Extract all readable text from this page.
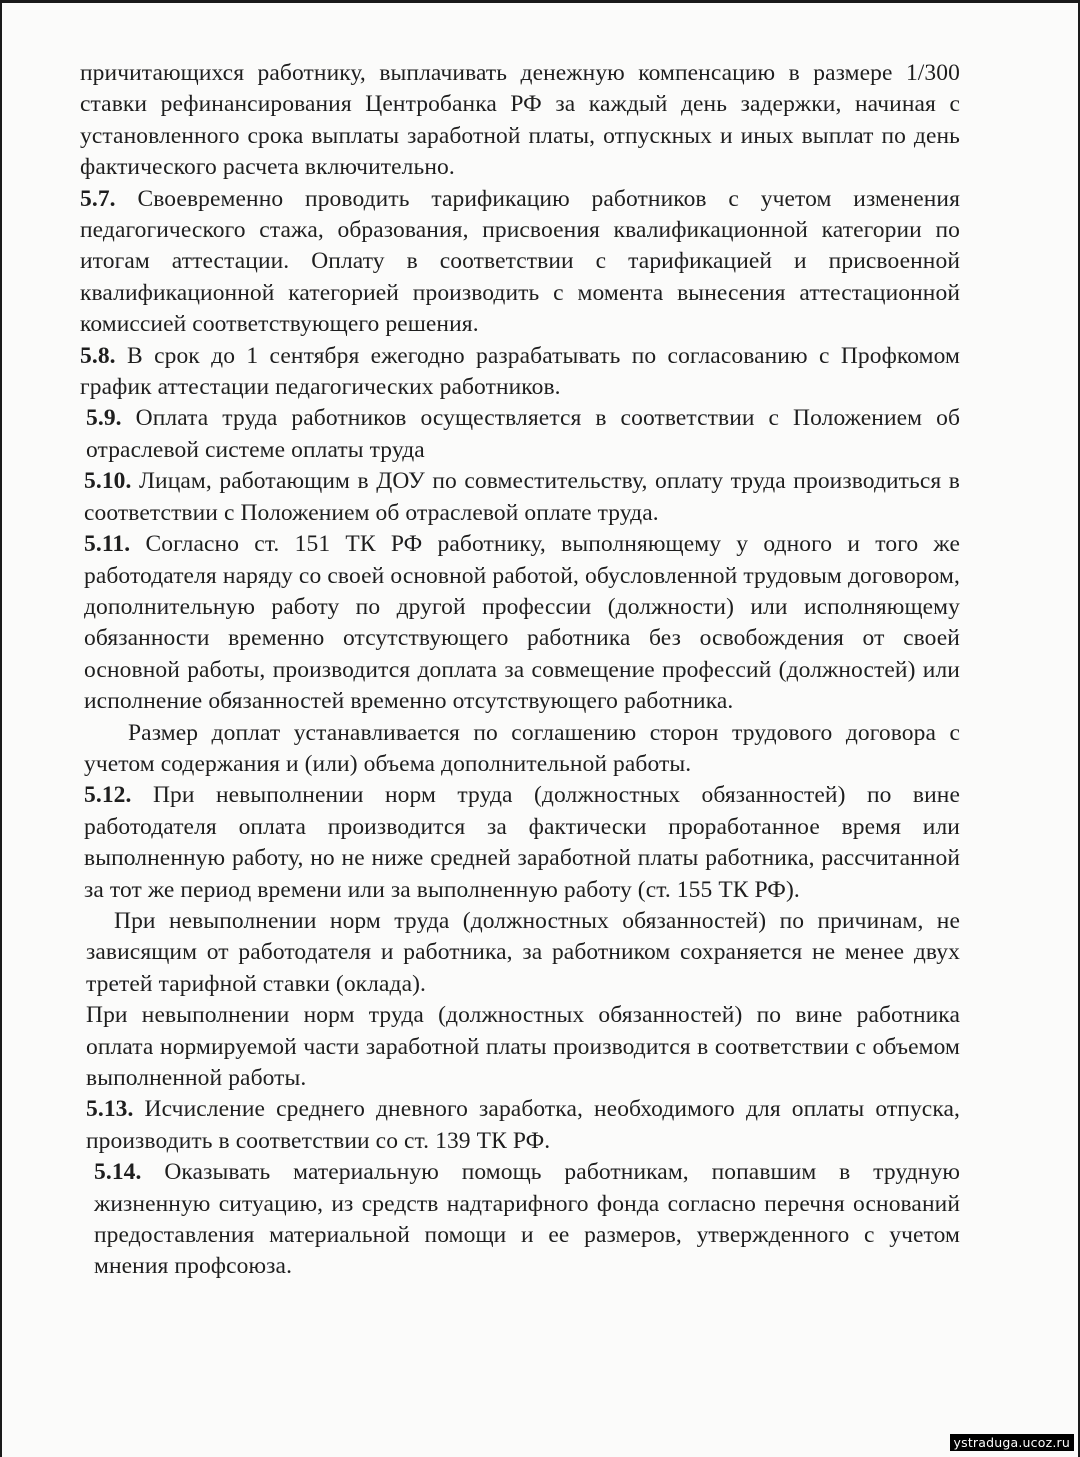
причитающихся работнику, выплачивать денежную компенсацию в размере 1/300 ставки рефинансирования Центробанка РФ за каждый день задержки, начиная с установленного срока выплаты заработной платы, отпускных и иных выплат по день фактического расчета включительно.

5.7. Своевременно проводить тарификацию работников с учетом изменения педагогического стажа, образования, присвоения квалификационной категории по итогам аттестации. Оплату в соответствии с тарификацией и присвоенной квалификационной категорией производить с момента вынесения аттестационной комиссией соответствующего решения.

5.8. В срок до 1 сентября ежегодно разрабатывать по согласованию с Профкомом график аттестации педагогических работников.

5.9. Оплата труда работников осуществляется в соответствии с Положением об отраслевой системе оплаты труда

5.10. Лицам, работающим в ДОУ по совместительству, оплату труда производиться в соответствии с Положением об отраслевой оплате труда.

5.11. Согласно ст. 151 ТК РФ работнику, выполняющему у одного и того же работодателя наряду со своей основной работой, обусловленной трудовым договором, дополнительную работу по другой профессии (должности) или исполняющему обязанности временно отсутствующего работника без освобождения от своей основной работы, производится доплата за совмещение профессий (должностей) или исполнение обязанностей временно отсутствующего работника.

Размер доплат устанавливается по соглашению сторон трудового договора с учетом содержания и (или) объема дополнительной работы.

5.12. При невыполнении норм труда (должностных обязанностей) по вине работодателя оплата производится за фактически проработанное время или выполненную работу, но не ниже средней заработной платы работника, рассчитанной за тот же период времени или за выполненную работу (ст. 155 ТК РФ).

При невыполнении норм труда (должностных обязанностей) по причинам, не зависящим от работодателя и работника, за работником сохраняется не менее двух третей тарифной ставки (оклада).

При невыполнении норм труда (должностных обязанностей) по вине работника оплата нормируемой части заработной платы производится в соответствии с объемом выполненной работы.

5.13. Исчисление среднего дневного заработка, необходимого для оплаты отпуска, производить в соответствии со ст. 139 ТК РФ.

5.14. Оказывать материальную помощь работникам, попавшим в трудную жизненную ситуацию, из средств надтарифного фонда согласно перечня оснований предоставления материальной помощи и ее размеров, утвержденного с учетом мнения профсоюза.

ystraduga.ucoz.ru
